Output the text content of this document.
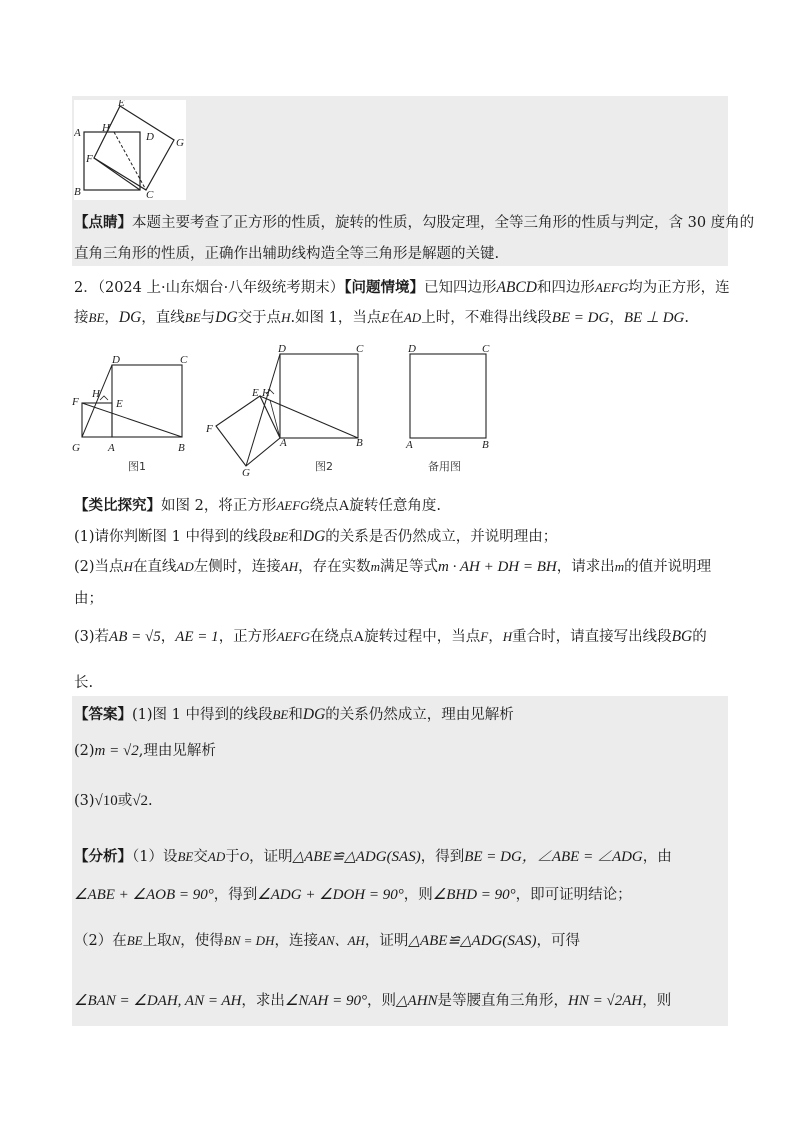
E
A H
D G
F
B	C
【点睛】本题主要考查了正方形的性质，旋转的性质，勾股定理，全等三角形的性质与判定，含 30 度角的
直角三角形的性质，正确作出辅助线构造全等三角形是解题的关键.
2．（2024 上·山东烟台·八年级统考期末）【问题情境】已知四边形ABCD和四边形AEFG均为正方形，连
接BE，DG，直线BE与DG交于点H.如图 1，当点E在AD上时，不难得出线段BE = DG，BE ⊥ DG.
D	C
H
E
F
G	A	B
图1
D	C
E H
F
A	B
G	图2
D	C
A	B
备用图
【类比探究】如图 2，将正方形AEFG绕点A旋转任意角度.
(1)请你判断图 1 中得到的线段BE和DG的关系是否仍然成立，并说明理由；
(2)当点H在直线AD左侧时，连接AH，存在实数m满足等式m · AH + DH = BH，请求出m的值并说明理
由；
(3)若AB = √5，AE = 1，正方形AEFG在绕点A旋转过程中，当点F，H重合时，请直接写出线段BG的
长.
【答案】(1)图 1 中得到的线段BE和DG的关系仍然成立，理由见解析
(2)m = √2,理由见解析
(3)√10或√2.
【分析】（1）设BE交AD于O，证明△ABE≌△ADG(SAS)，得到BE = DG，∠ABE = ∠ADG，由
∠ABE + ∠AOB = 90°，得到∠ADG + ∠DOH = 90°，则∠BHD = 90°，即可证明结论；
（2）在BE上取N，使得BN = DH，连接AN、AH，证明△ABE≌△ADG(SAS)，可得
∠BAN = ∠DAH, AN = AH，求出∠NAH = 90°，则△AHN是等腰直角三角形，HN = √2AH，则
